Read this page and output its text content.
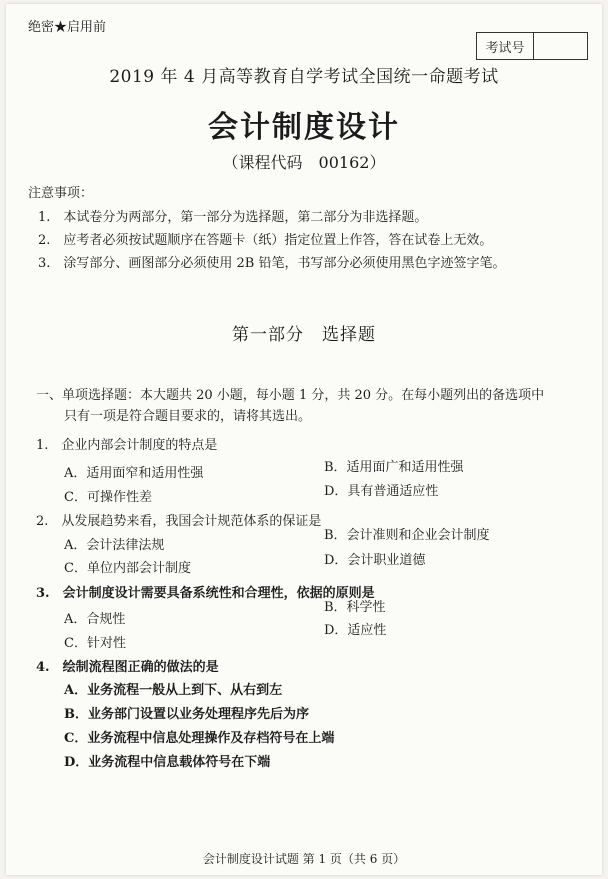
绝密★启用前
考试号
2019 年 4 月高等教育自学考试全国统一命题考试
会计制度设计
（课程代码　00162）
注意事项：
1.　本试卷分为两部分，第一部分为选择题，第二部分为非选择题。
2.　应考者必须按试题顺序在答题卡（纸）指定位置上作答，答在试卷上无效。
3.　涂写部分、画图部分必须使用 2B 铅笔，书写部分必须使用黑色字迹签字笔。
第一部分　选择题
一、单项选择题：本大题共 20 小题，每小题 1 分，共 20 分。在每小题列出的备选项中
只有一项是符合题目要求的，请将其选出。
1.　企业内部会计制度的特点是
B．适用面广和适用性强
A．适用面窄和适用性强
D．具有普通适应性
C．可操作性差
2.　从发展趋势来看，我国会计规范体系的保证是
B．会计准则和企业会计制度
A．会计法律法规
D．会计职业道德
C．单位内部会计制度
3.　会计制度设计需要具备系统性和合理性，依据的原则是
B．科学性
A．合规性
D．适应性
C．针对性
4.　绘制流程图正确的做法的是
A．业务流程一般从上到下、从右到左
B．业务部门设置以业务处理程序先后为序
C．业务流程中信息处理操作及存档符号在上端
D．业务流程中信息载体符号在下端
会计制度设计试题 第 1 页（共 6 页）
